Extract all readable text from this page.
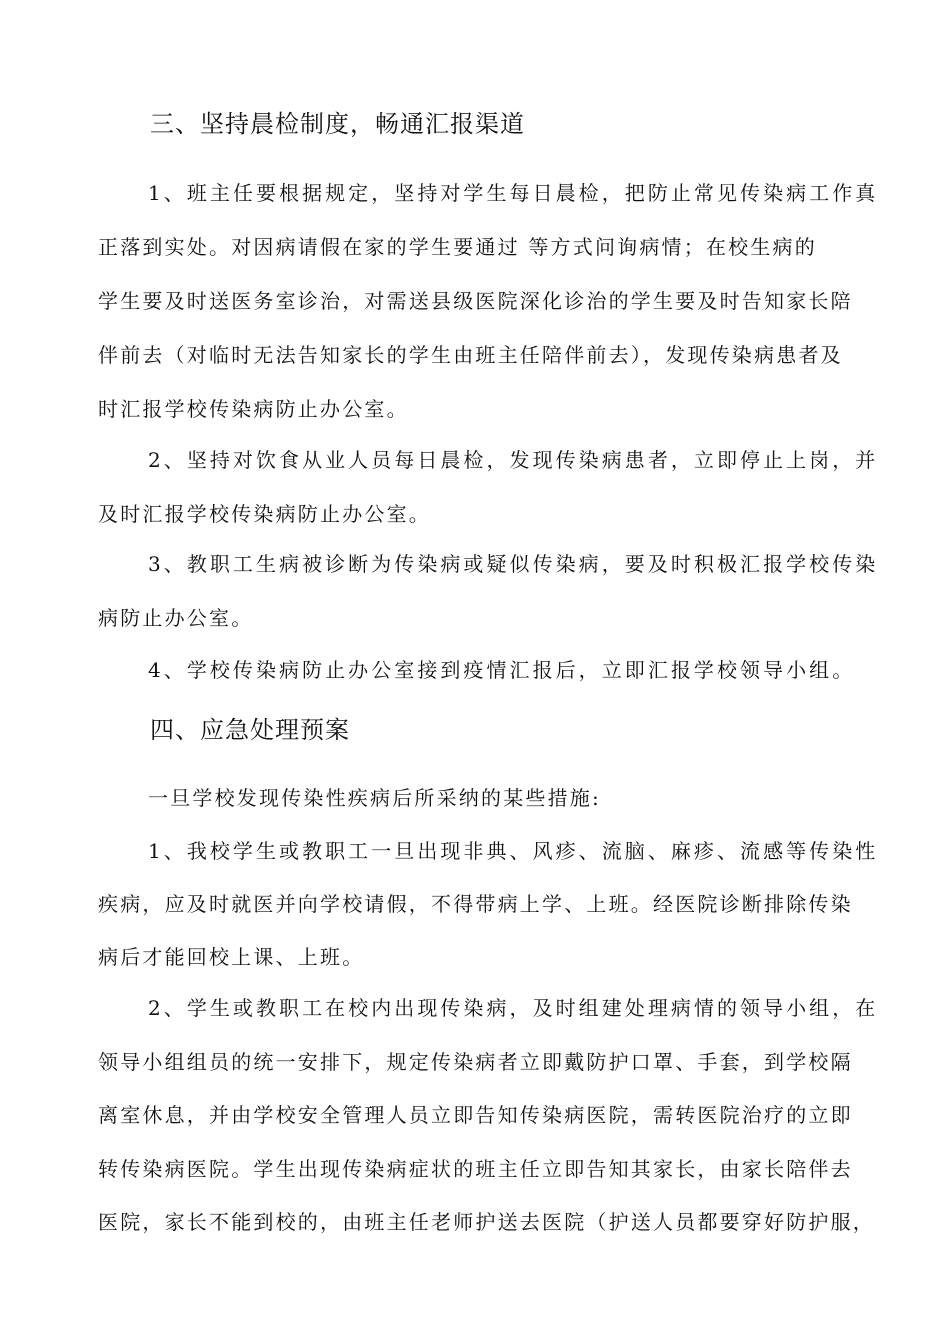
三、坚持晨检制度，畅通汇报渠道
1、班主任要根据规定，坚持对学生每日晨检，把防止常见传染病工作真
正落到实处。对因病请假在家的学生要通过 等方式问询病情；在校生病的
学生要及时送医务室诊治，对需送县级医院深化诊治的学生要及时告知家长陪
伴前去（对临时无法告知家长的学生由班主任陪伴前去），发现传染病患者及
时汇报学校传染病防止办公室。
2、坚持对饮食从业人员每日晨检，发现传染病患者，立即停止上岗，并
及时汇报学校传染病防止办公室。
3、教职工生病被诊断为传染病或疑似传染病，要及时积极汇报学校传染
病防止办公室。
4、学校传染病防止办公室接到疫情汇报后，立即汇报学校领导小组。
四、应急处理预案
一旦学校发现传染性疾病后所采纳的某些措施:
1、我校学生或教职工一旦出现非典、风疹、流脑、麻疹、流感等传染性
疾病，应及时就医并向学校请假，不得带病上学、上班。经医院诊断排除传染
病后才能回校上课、上班。
2、学生或教职工在校内出现传染病，及时组建处理病情的领导小组，在
领导小组组员的统一安排下，规定传染病者立即戴防护口罩、手套，到学校隔
离室休息，并由学校安全管理人员立即告知传染病医院，需转医院治疗的立即
转传染病医院。学生出现传染病症状的班主任立即告知其家长，由家长陪伴去
医院，家长不能到校的，由班主任老师护送去医院（护送人员都要穿好防护服，
